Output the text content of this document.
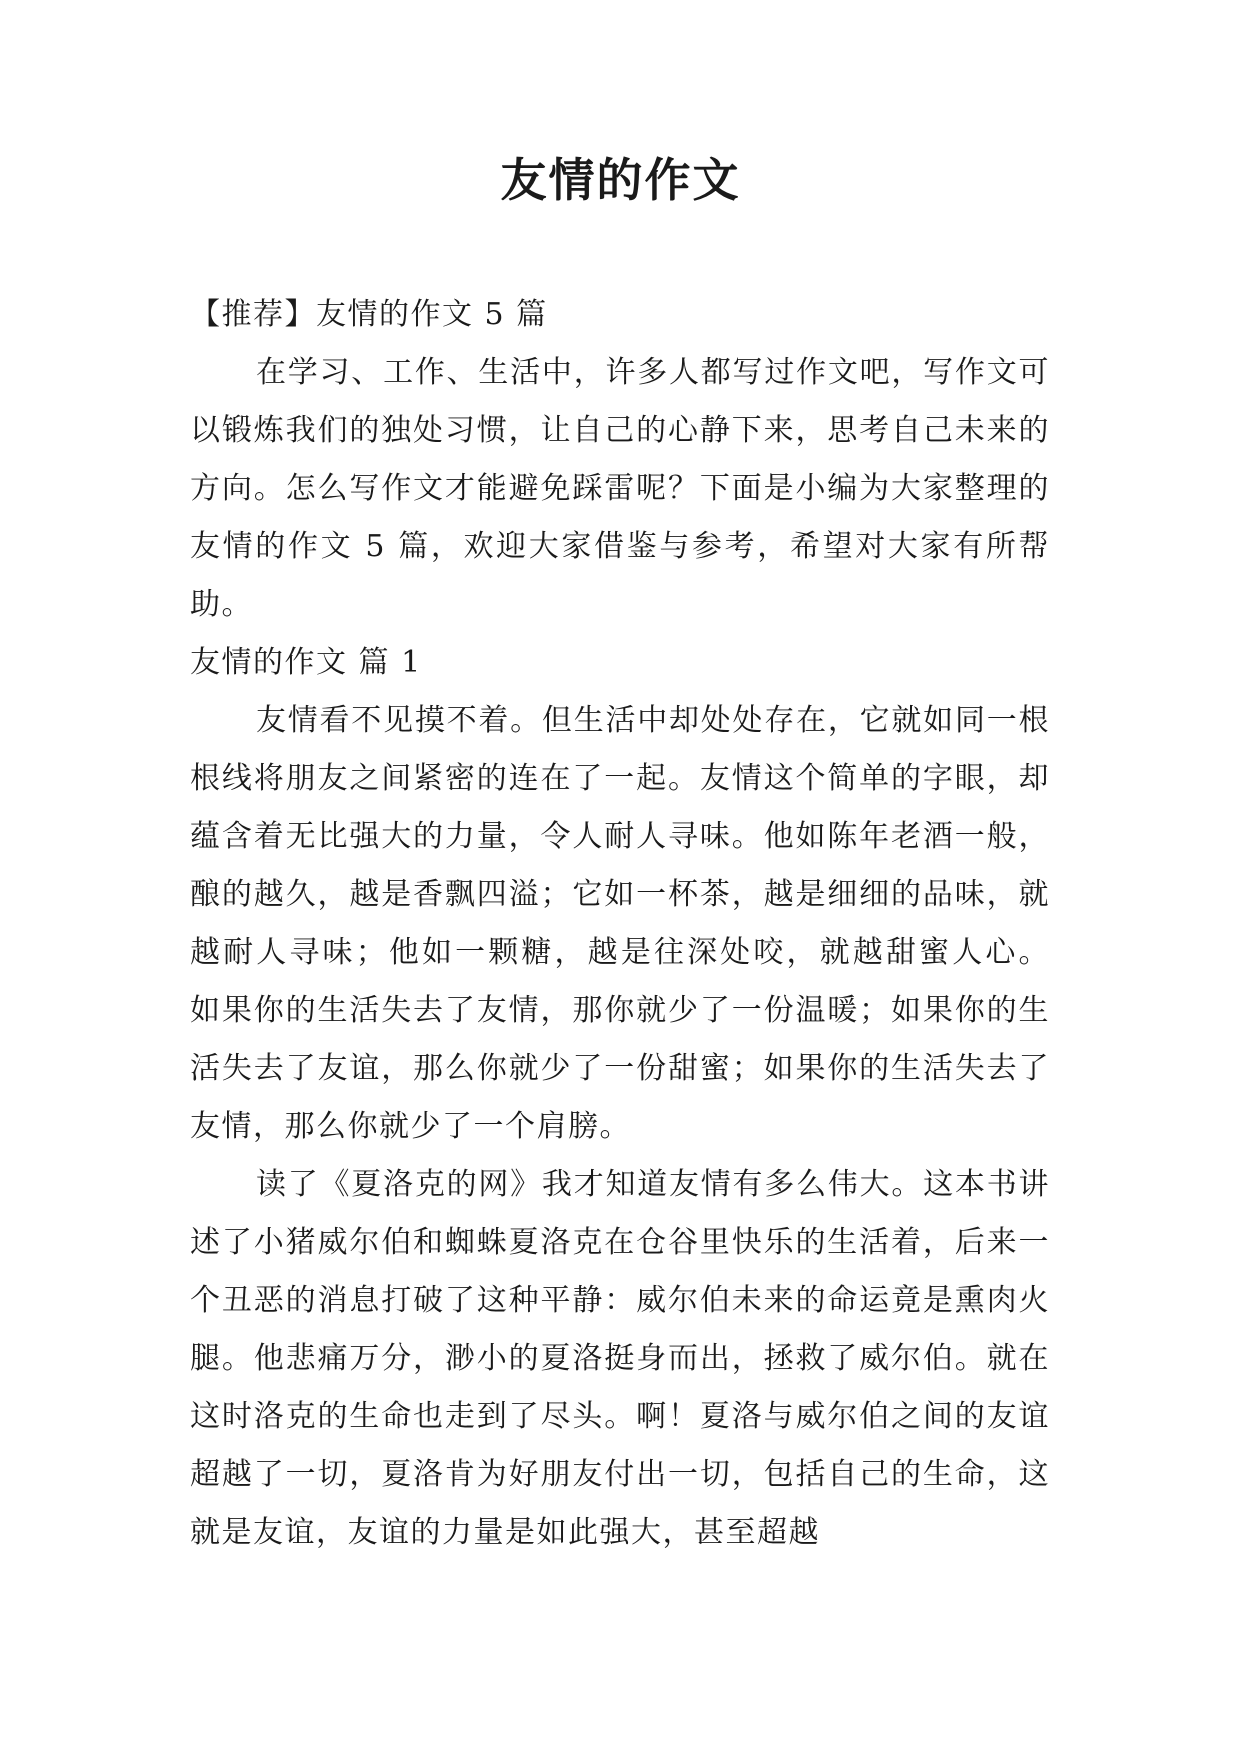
友情的作文

【推荐】友情的作文 5 篇

在学习、工作、生活中，许多人都写过作文吧，写作文可以锻炼我们的独处习惯，让自己的心静下来，思考自己未来的方向。怎么写作文才能避免踩雷呢？下面是小编为大家整理的友情的作文 5 篇，欢迎大家借鉴与参考，希望对大家有所帮助。

友情的作文 篇 1

友情看不见摸不着。但生活中却处处存在，它就如同一根根线将朋友之间紧密的连在了一起。友情这个简单的字眼，却蕴含着无比强大的力量，令人耐人寻味。他如陈年老酒一般，酿的越久，越是香飘四溢；它如一杯茶，越是细细的品味，就越耐人寻味；他如一颗糖，越是往深处咬，就越甜蜜人心。 如果你的生活失去了友情，那你就少了一份温暖；如果你的生活失去了友谊，那么你就少了一份甜蜜；如果你的生活失去了友情，那么你就少了一个肩膀。

读了《夏洛克的网》我才知道友情有多么伟大。这本书讲述了小猪威尔伯和蜘蛛夏洛克在仓谷里快乐的生活着，后来一个丑恶的消息打破了这种平静：威尔伯未来的命运竟是熏肉火腿。他悲痛万分，渺小的夏洛挺身而出，拯救了威尔伯。就在这时洛克的生命也走到了尽头。啊！夏洛与威尔伯之间的友谊超越了一切，夏洛肯为好朋友付出一切，包括自己的生命，这就是友谊，友谊的力量是如此强大，甚至超越
